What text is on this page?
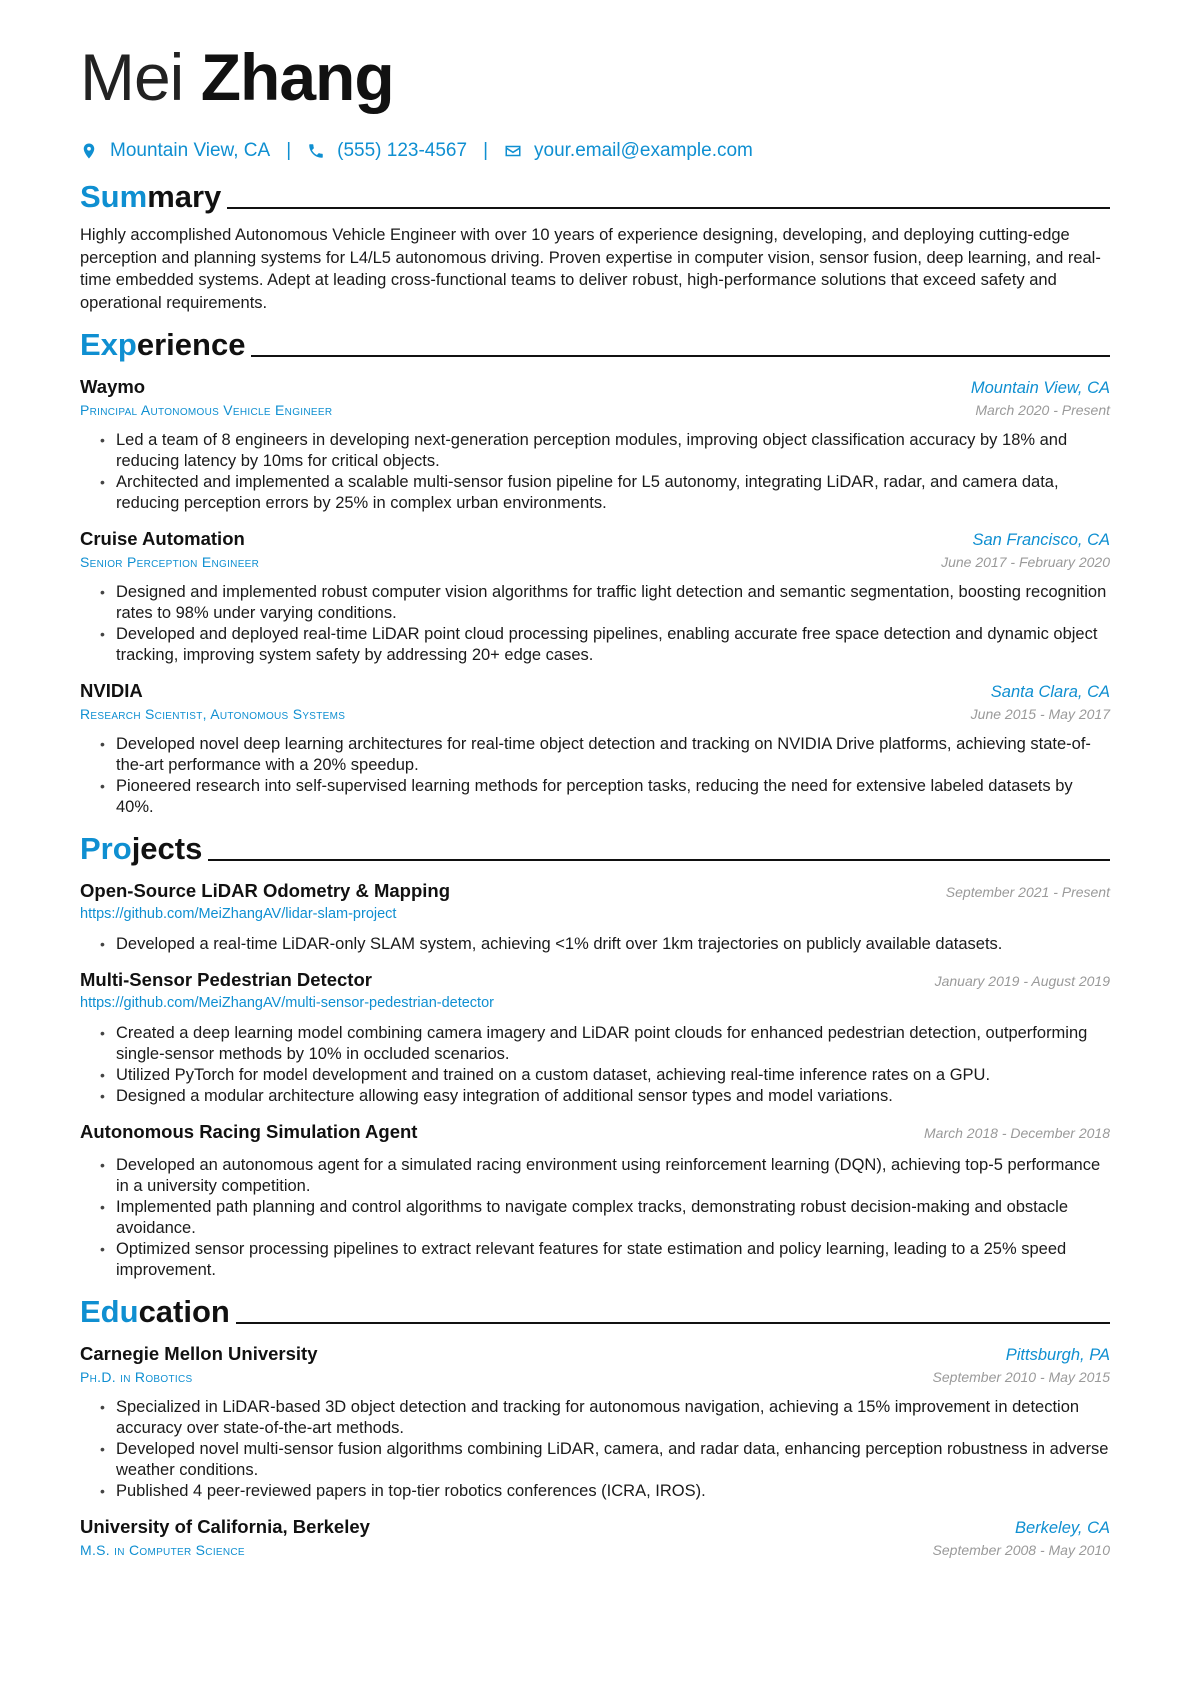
Mei Zhang
Mountain View, CA | (555) 123-4567 | your.email@example.com
Summary
Highly accomplished Autonomous Vehicle Engineer with over 10 years of experience designing, developing, and deploying cutting-edge perception and planning systems for L4/L5 autonomous driving. Proven expertise in computer vision, sensor fusion, deep learning, and real-time embedded systems. Adept at leading cross-functional teams to deliver robust, high-performance solutions that exceed safety and operational requirements.
Experience
Waymo	Mountain View, CA
Principal Autonomous Vehicle Engineer	March 2020 - Present
• Led a team of 8 engineers in developing next-generation perception modules, improving object classification accuracy by 18% and reducing latency by 10ms for critical objects.
• Architected and implemented a scalable multi-sensor fusion pipeline for L5 autonomy, integrating LiDAR, radar, and camera data, reducing perception errors by 25% in complex urban environments.
Cruise Automation	San Francisco, CA
Senior Perception Engineer	June 2017 - February 2020
• Designed and implemented robust computer vision algorithms for traffic light detection and semantic segmentation, boosting recognition rates to 98% under varying conditions.
• Developed and deployed real-time LiDAR point cloud processing pipelines, enabling accurate free space detection and dynamic object tracking, improving system safety by addressing 20+ edge cases.
NVIDIA	Santa Clara, CA
Research Scientist, Autonomous Systems	June 2015 - May 2017
• Developed novel deep learning architectures for real-time object detection and tracking on NVIDIA Drive platforms, achieving state-of-the-art performance with a 20% speedup.
• Pioneered research into self-supervised learning methods for perception tasks, reducing the need for extensive labeled datasets by 40%.
Projects
Open-Source LiDAR Odometry & Mapping	September 2021 - Present
https://github.com/MeiZhangAV/lidar-slam-project
• Developed a real-time LiDAR-only SLAM system, achieving <1% drift over 1km trajectories on publicly available datasets.
Multi-Sensor Pedestrian Detector	January 2019 - August 2019
https://github.com/MeiZhangAV/multi-sensor-pedestrian-detector
• Created a deep learning model combining camera imagery and LiDAR point clouds for enhanced pedestrian detection, outperforming single-sensor methods by 10% in occluded scenarios.
• Utilized PyTorch for model development and trained on a custom dataset, achieving real-time inference rates on a GPU.
• Designed a modular architecture allowing easy integration of additional sensor types and model variations.
Autonomous Racing Simulation Agent	March 2018 - December 2018
• Developed an autonomous agent for a simulated racing environment using reinforcement learning (DQN), achieving top-5 performance in a university competition.
• Implemented path planning and control algorithms to navigate complex tracks, demonstrating robust decision-making and obstacle avoidance.
• Optimized sensor processing pipelines to extract relevant features for state estimation and policy learning, leading to a 25% speed improvement.
Education
Carnegie Mellon University	Pittsburgh, PA
Ph.D. in Robotics	September 2010 - May 2015
• Specialized in LiDAR-based 3D object detection and tracking for autonomous navigation, achieving a 15% improvement in detection accuracy over state-of-the-art methods.
• Developed novel multi-sensor fusion algorithms combining LiDAR, camera, and radar data, enhancing perception robustness in adverse weather conditions.
• Published 4 peer-reviewed papers in top-tier robotics conferences (ICRA, IROS).
University of California, Berkeley	Berkeley, CA
M.S. in Computer Science	September 2008 - May 2010
